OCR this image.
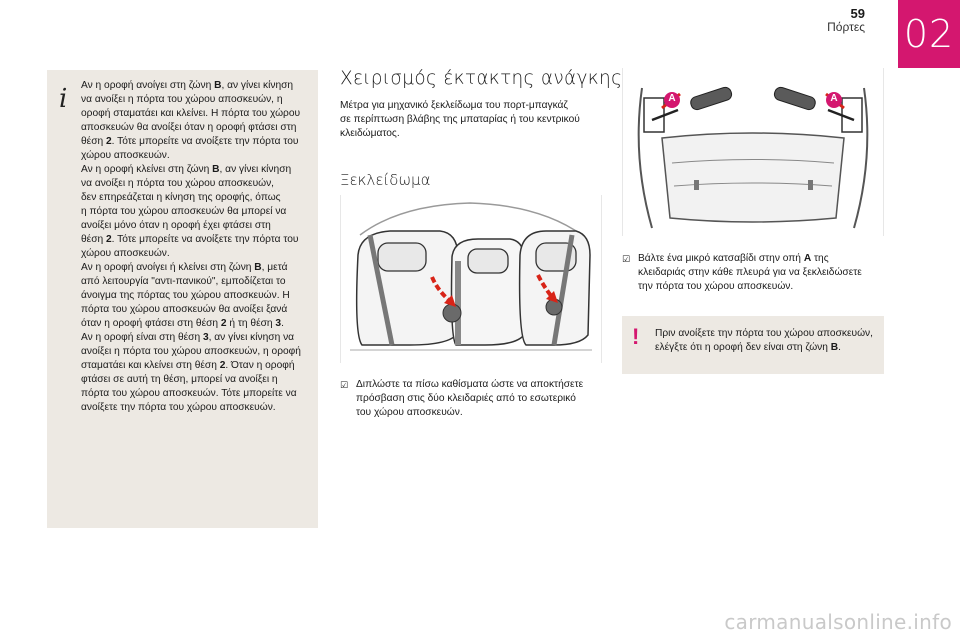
59
Πόρτες 02
i Αν η οροφή ανοίγει στη ζώνη B, αν γίνει κίνηση
να ανοίξει η πόρτα του χώρου αποσκευών, η
οροφή σταματάει και κλείνει. Η πόρτα του χώρου
αποσκευών θα ανοίξει όταν η οροφή φτάσει στη
θέση 2. Τότε μπορείτε να ανοίξετε την πόρτα του
χώρου αποσκευών.
Αν η οροφή κλείνει στη ζώνη B, αν γίνει κίνηση
να ανοίξει η πόρτα του χώρου αποσκευών,
δεν επηρεάζεται η κίνηση της οροφής, όπως
η πόρτα του χώρου αποσκευών θα μπορεί να
ανοίξει μόνο όταν η οροφή έχει φτάσει στη
θέση 2. Τότε μπορείτε να ανοίξετε την πόρτα του
χώρου αποσκευών.
Αν η οροφή ανοίγει ή κλείνει στη ζώνη B, μετά
από λειτουργία "αντι-πανικού", εμποδίζεται το
άνοιγμα της πόρτας του χώρου αποσκευών. Η
πόρτα του χώρου αποσκευών θα ανοίξει ξανά
όταν η οροφή φτάσει στη θέση 2 ή τη θέση 3.
Αν η οροφή είναι στη θέση 3, αν γίνει κίνηση να
ανοίξει η πόρτα του χώρου αποσκευών, η οροφή
σταματάει και κλείνει στη θέση 2. Όταν η οροφή
φτάσει σε αυτή τη θέση, μπορεί να ανοίξει η
πόρτα του χώρου αποσκευών. Τότε μπορείτε να
ανοίξετε την πόρτα του χώρου αποσκευών.

Χειρισμός έκτακτης ανάγκης

Μέτρα για μηχανικό ξεκλείδωμα του πορτ-μπαγκάζ
σε περίπτωση βλάβης της μπαταρίας ή του κεντρικού
κλειδώματος.

Ξεκλείδωμα
☑ Διπλώστε τα πίσω καθίσματα ώστε να αποκτήσετε
πρόσβαση στις δύο κλειδαριές από το εσωτερικό
του χώρου αποσκευών.
A	A
☑ Βάλτε ένα μικρό κατσαβίδι στην οπή A της
κλειδαριάς στην κάθε πλευρά για να ξεκλειδώσετε
την πόρτα του χώρου αποσκευών.
! Πριν ανοίξετε την πόρτα του χώρου αποσκευών,
ελέγξτε ότι η οροφή δεν είναι στη ζώνη B.
carmanualsonline.info
